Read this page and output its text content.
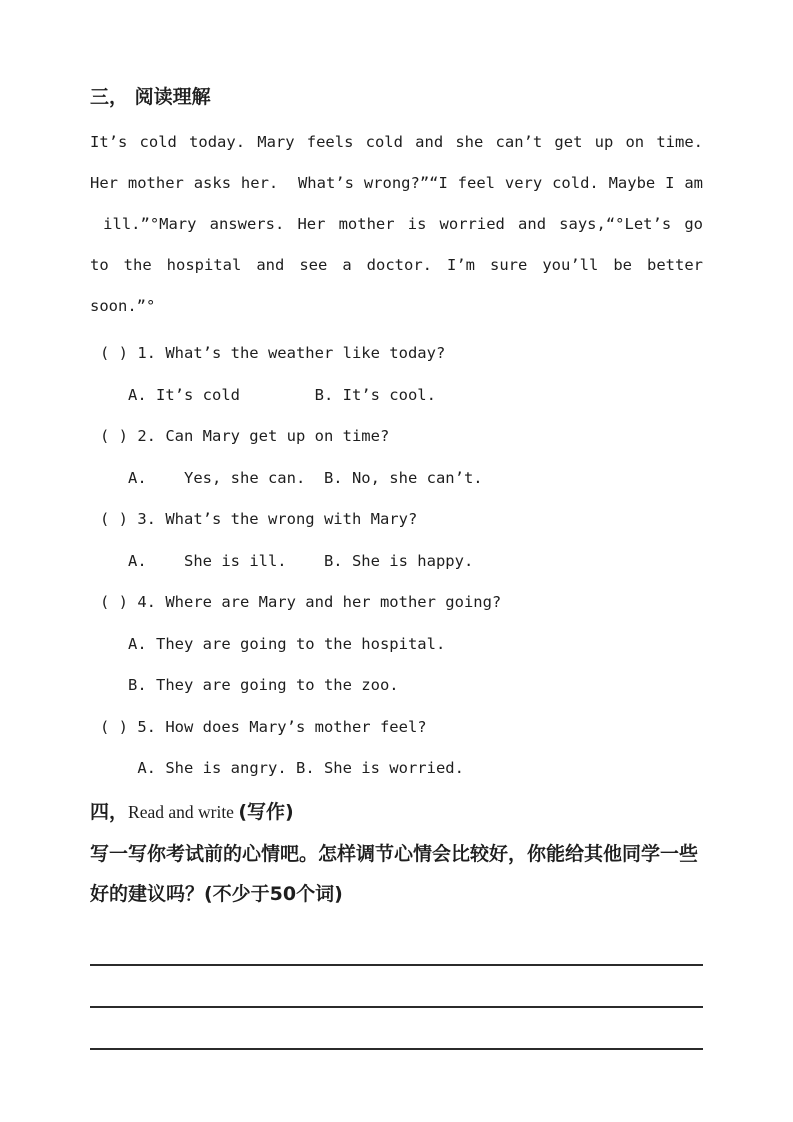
三， 阅读理解
It’s cold today. Mary feels cold and she can’t get up on time.
Her mother asks her.  What’s wrong?”“I feel very cold. Maybe I am
ill.”°Mary answers. Her mother is worried and says,“°Let’s go
to the hospital and see a doctor. I’m sure you’ll be better
soon.”°
( ) 1. What’s the weather like today?
A. It’s cold        B. It’s cool.
( ) 2. Can Mary get up on time?
A.    Yes, she can.  B. No, she can’t.
( ) 3. What’s the wrong with Mary?
A.    She is ill.    B. She is happy.
( ) 4. Where are Mary and her mother going?
A. They are going to the hospital.
B. They are going to the zoo.
( ) 5. How does Mary’s mother feel?
A. She is angry. B. She is worried.
四，Read and write (写作)
写一写你考试前的心情吧。怎样调节心情会比较好，你能给其他同学一些好的建议吗？(不少于50个词)
